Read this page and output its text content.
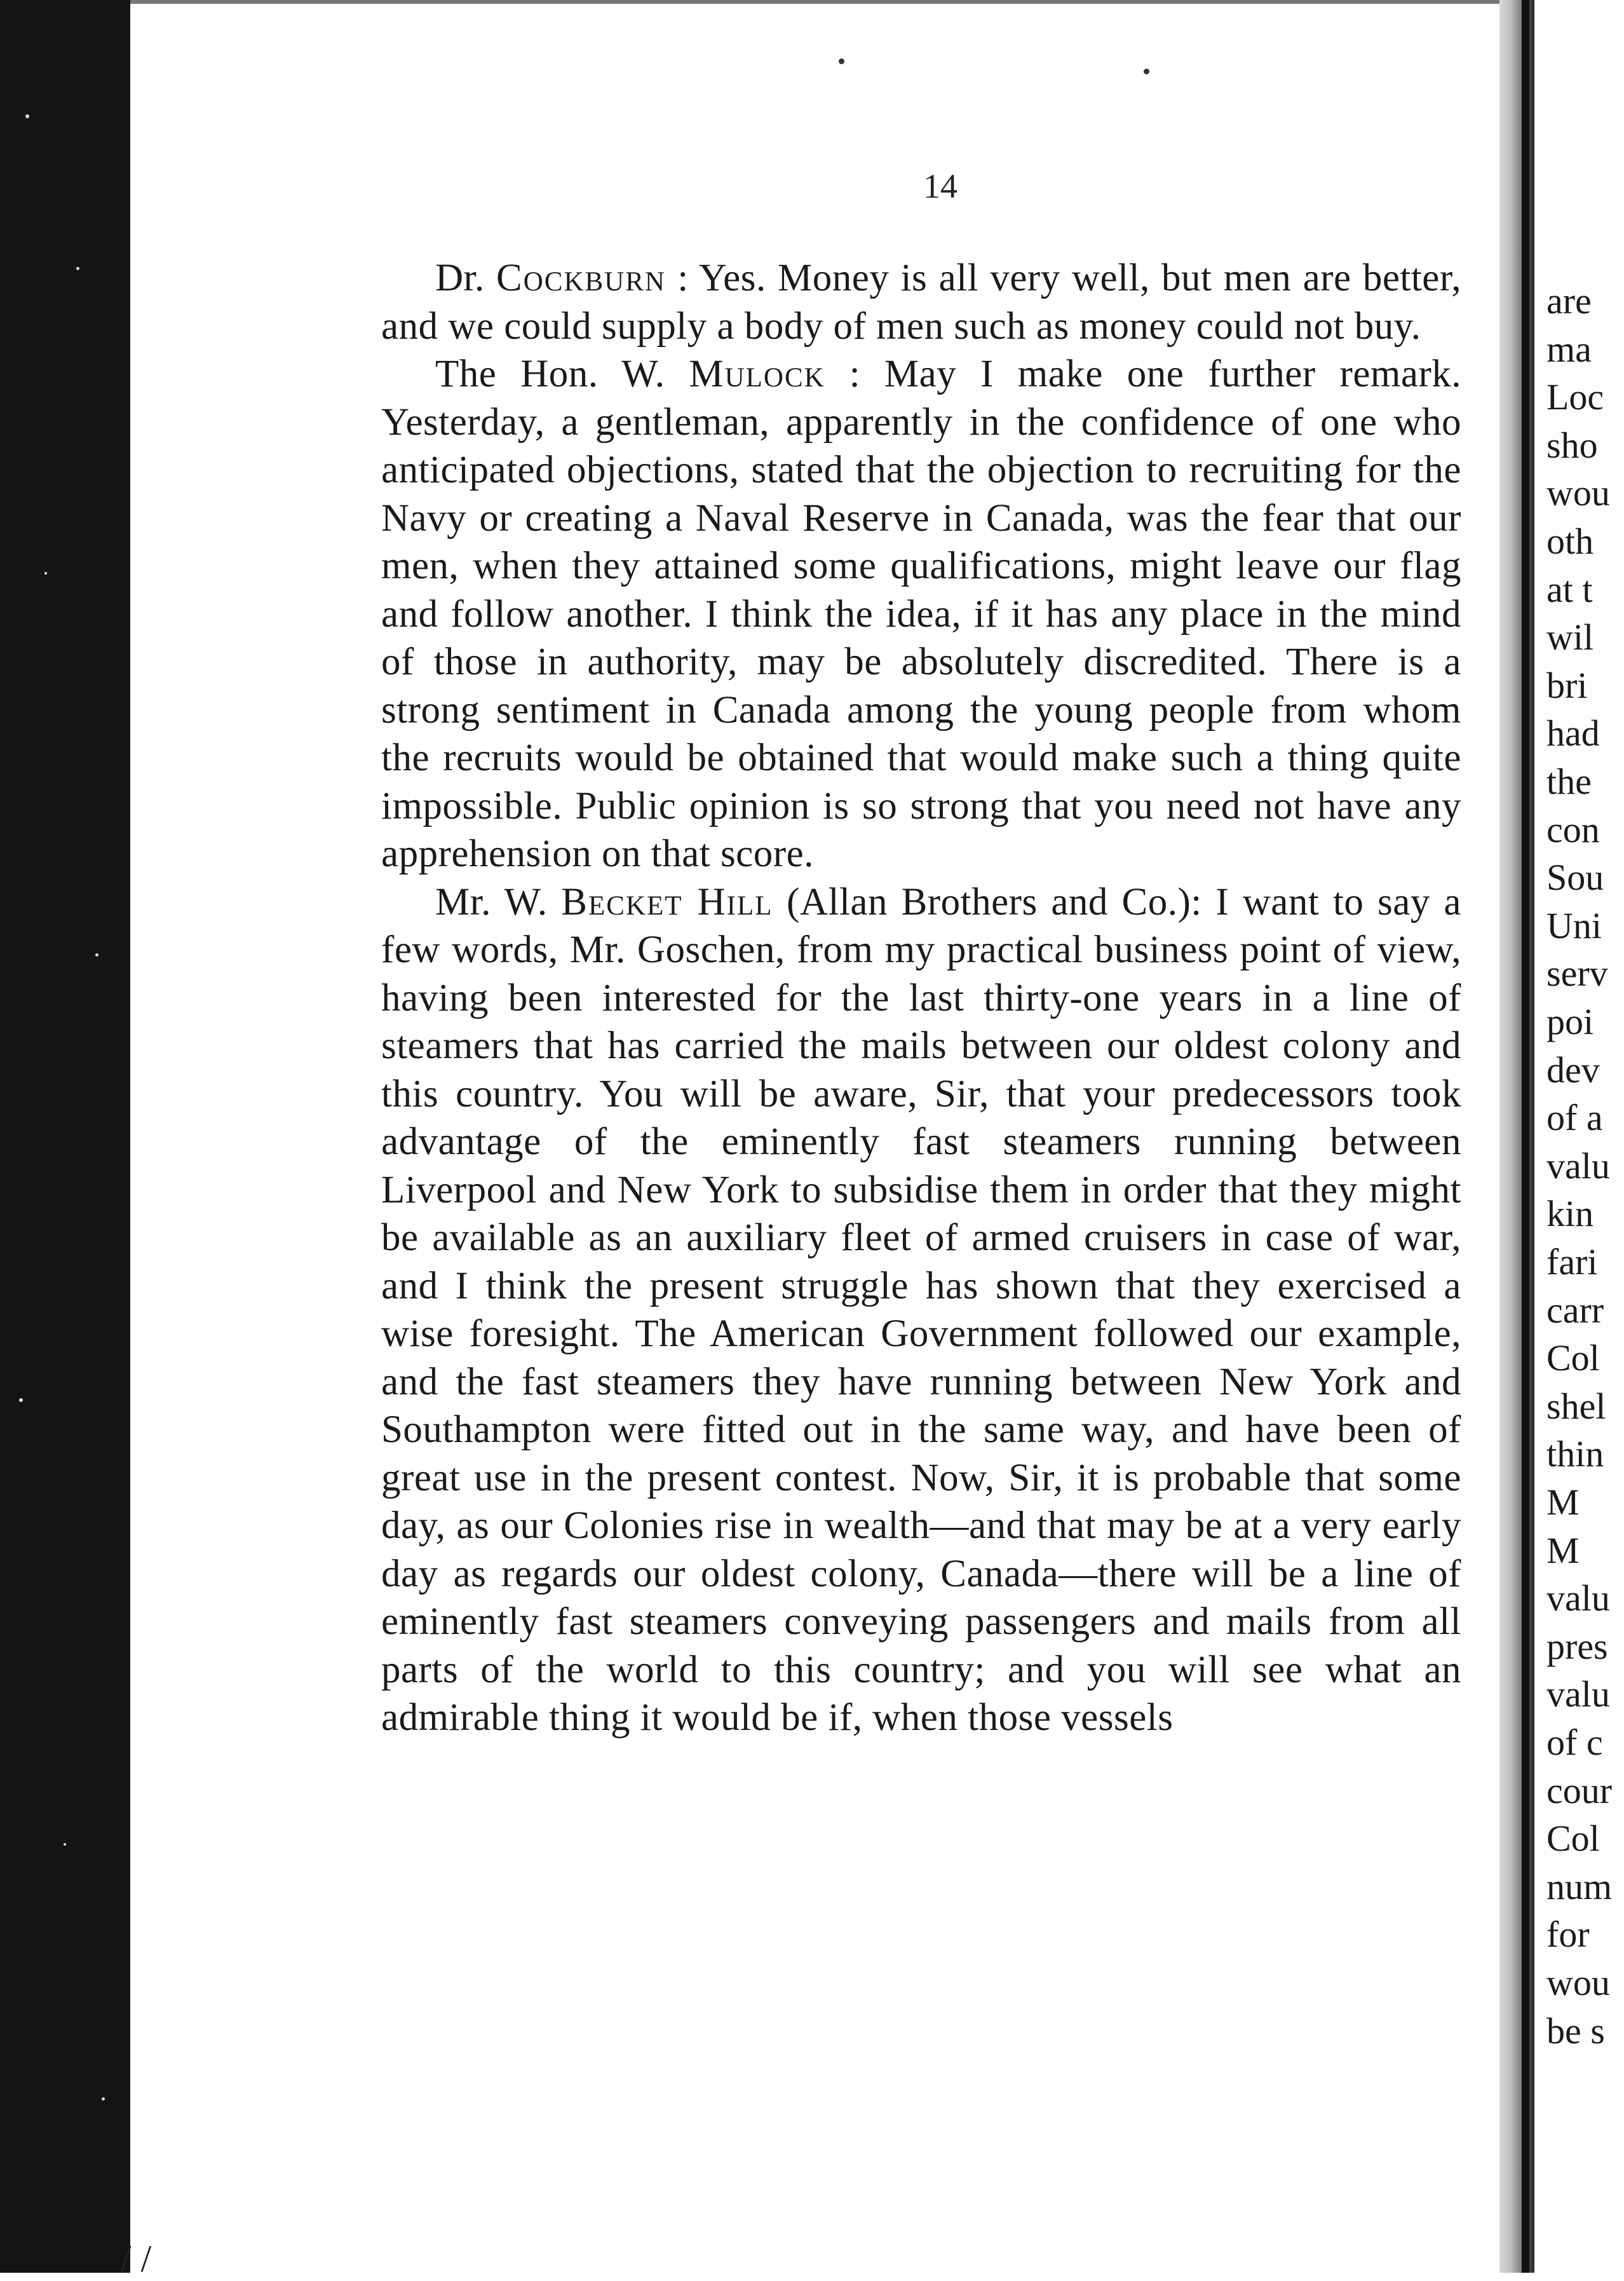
14

Dr. Cockburn : Yes. Money is all very well, but men are better, and we could supply a body of men such as money could not buy.

The Hon. W. Mulock : May I make one further remark. Yesterday, a gentleman, apparently in the confidence of one who anticipated objections, stated that the objection to recruiting for the Navy or creating a Naval Reserve in Canada, was the fear that our men, when they attained some qualifications, might leave our flag and follow another. I think the idea, if it has any place in the mind of those in authority, may be absolutely discredited. There is a strong sentiment in Canada among the young people from whom the recruits would be obtained that would make such a thing quite impossible. Public opinion is so strong that you need not have any apprehension on that score.

Mr. W. Becket Hill (Allan Brothers and Co.): I want to say a few words, Mr. Goschen, from my practical business point of view, having been interested for the last thirty-one years in a line of steamers that has carried the mails between our oldest colony and this country. You will be aware, Sir, that your predecessors took advantage of the eminently fast steamers running between Liverpool and New York to subsidise them in order that they might be available as an auxiliary fleet of armed cruisers in case of war, and I think the present struggle has shown that they exercised a wise foresight. The American Government followed our example, and the fast steamers they have running between New York and Southampton were fitted out in the same way, and have been of great use in the present contest. Now, Sir, it is probable that some day, as our Colonies rise in wealth—and that may be at a very early day as regards our oldest colony, Canada—there will be a line of eminently fast steamers conveying passengers and mails from all parts of the world to this country; and you will see what an admirable thing it would be if, when those vessels

are
ma
Loc
sho
wou
oth
at t
wil
bri
had
the
con
Sou
Uni
serv
poi
dev
of a
valu
kin
fari
carr
Col
shel
thin
M
M
valu
pres
valu
of c
cour
Col
num
for
wou
be s
/ /
